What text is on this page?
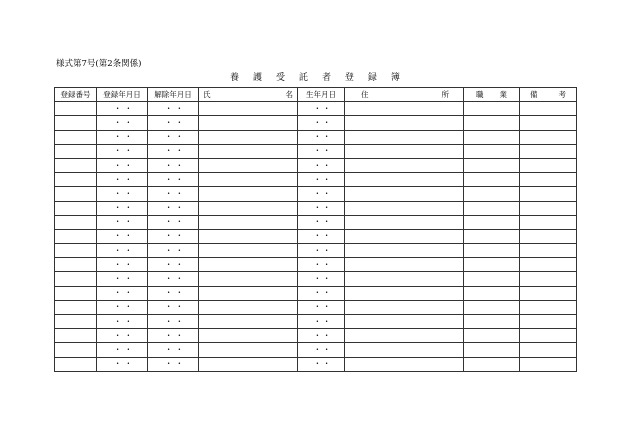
様式第7号(第2条関係)
養 護 受 託 者 登 録 簿
登録番号	登録年月日	解除年月日	氏 名	生年月日	住 所	職 業	備 考

	・ ・	・ ・		・ ・			

	・ ・	・ ・		・ ・			

	・ ・	・ ・		・ ・			

	・ ・	・ ・		・ ・			

	・ ・	・ ・		・ ・			

	・ ・	・ ・		・ ・			

	・ ・	・ ・		・ ・			

	・ ・	・ ・		・ ・			

	・ ・	・ ・		・ ・			

	・ ・	・ ・		・ ・			

	・ ・	・ ・		・ ・			

	・ ・	・ ・		・ ・			

	・ ・	・ ・		・ ・			

	・ ・	・ ・		・ ・			

	・ ・	・ ・		・ ・			

	・ ・	・ ・		・ ・			

	・ ・	・ ・		・ ・			

	・ ・	・ ・		・ ・			

	・ ・	・ ・		・ ・			
